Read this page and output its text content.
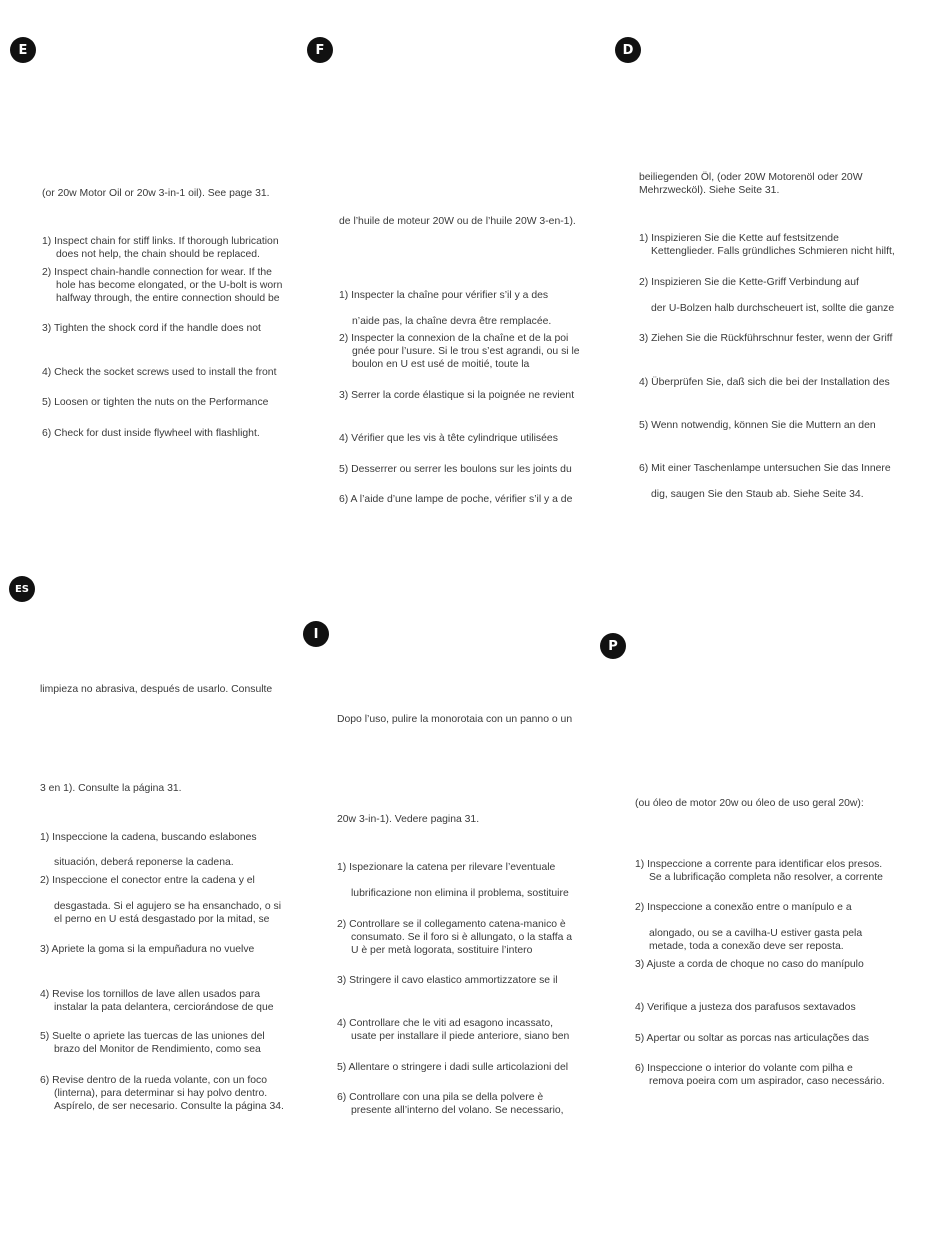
E	F	D
ES
I
P
(or 20w Motor Oil or 20w 3-in-1 oil). See page 31.
1) Inspect chain for stiff links. If thorough lubrication
does not help, the chain should be replaced.
2) Inspect chain-handle connection for wear. If the
hole has become elongated, or the U-bolt is worn
halfway through, the entire connection should be
3) Tighten the shock cord if the handle does not
4) Check the socket screws used to install the front
5) Loosen or tighten the nuts on the Performance
6) Check for dust inside flywheel with flashlight.
de l’huile de moteur 20W ou de l’huile 20W 3-en-1).
1) Inspecter la chaîne pour vérifier s’il y a des
n’aide pas, la chaîne devra être remplacée.
2) Inspecter la connexion de la chaîne et de la poi
gnée pour l’usure. Si le trou s’est agrandi, ou si le
boulon en U est usé de moitié, toute la
3) Serrer la corde élastique si la poignée ne revient
4) Vérifier que les vis à tête cylindrique utilisées
5) Desserrer ou serrer les boulons sur les joints du
6) A l’aide d’une lampe de poche, vérifier s’il y a de
beiliegenden Öl, (oder 20W Motorenöl oder 20W
Mehrzwecköl). Siehe Seite 31.
1) Inspizieren Sie die Kette auf festsitzende
Kettenglieder. Falls gründliches Schmieren nicht hilft,
2) Inspizieren Sie die Kette-Griff Verbindung auf
der U-Bolzen halb durchscheuert ist, sollte die ganze
3) Ziehen Sie die Rückführschnur fester, wenn der Griff
4) Überprüfen Sie, daß sich die bei der Installation des
5) Wenn notwendig, können Sie die Muttern an den
6) Mit einer Taschenlampe untersuchen Sie das Innere
dig, saugen Sie den Staub ab. Siehe Seite 34.
limpieza no abrasiva, después de usarlo. Consulte
3 en 1). Consulte la página 31.
1) Inspeccione la cadena, buscando eslabones
situación, deberá reponerse la cadena.
2) Inspeccione el conector entre la cadena y el
desgastada. Si el agujero se ha ensanchado, o si
el perno en U está desgastado por la mitad, se
3) Apriete la goma si la empuñadura no vuelve
4) Revise los tornillos de lave allen usados para
instalar la pata delantera, cerciorándose de que
5) Suelte o apriete las tuercas de las uniones del
brazo del Monitor de Rendimiento, como sea
6) Revise dentro de la rueda volante, con un foco
(linterna), para determinar si hay polvo dentro.
Aspírelo, de ser necesario. Consulte la página 34.
Dopo l’uso, pulire la monorotaia con un panno o un
20w 3-in-1). Vedere pagina 31.
1) Ispezionare la catena per rilevare l’eventuale
lubrificazione non elimina il problema, sostituire
2) Controllare se il collegamento catena-manico è
consumato. Se il foro si è allungato, o la staffa a
U è per metà logorata, sostituire l’intero
3) Stringere il cavo elastico ammortizzatore se il
4) Controllare che le viti ad esagono incassato,
usate per installare il piede anteriore, siano ben
5) Allentare o stringere i dadi sulle articolazioni del
6) Controllare con una pila se della polvere è
presente all’interno del volano. Se necessario,
(ou óleo de motor 20w ou óleo de uso geral 20w):
1) Inspeccione a corrente para identificar elos presos.
Se a lubrificação completa não resolver, a corrente
2) Inspeccione a conexão entre o manípulo e a
alongado, ou se a cavilha-U estiver gasta pela
metade, toda a conexão deve ser reposta.
3) Ajuste a corda de choque no caso do manípulo
4) Verifique a justeza dos parafusos sextavados
5) Apertar ou soltar as porcas nas articulações das
6) Inspeccione o interior do volante com pilha e
remova poeira com um aspirador, caso necessário.
